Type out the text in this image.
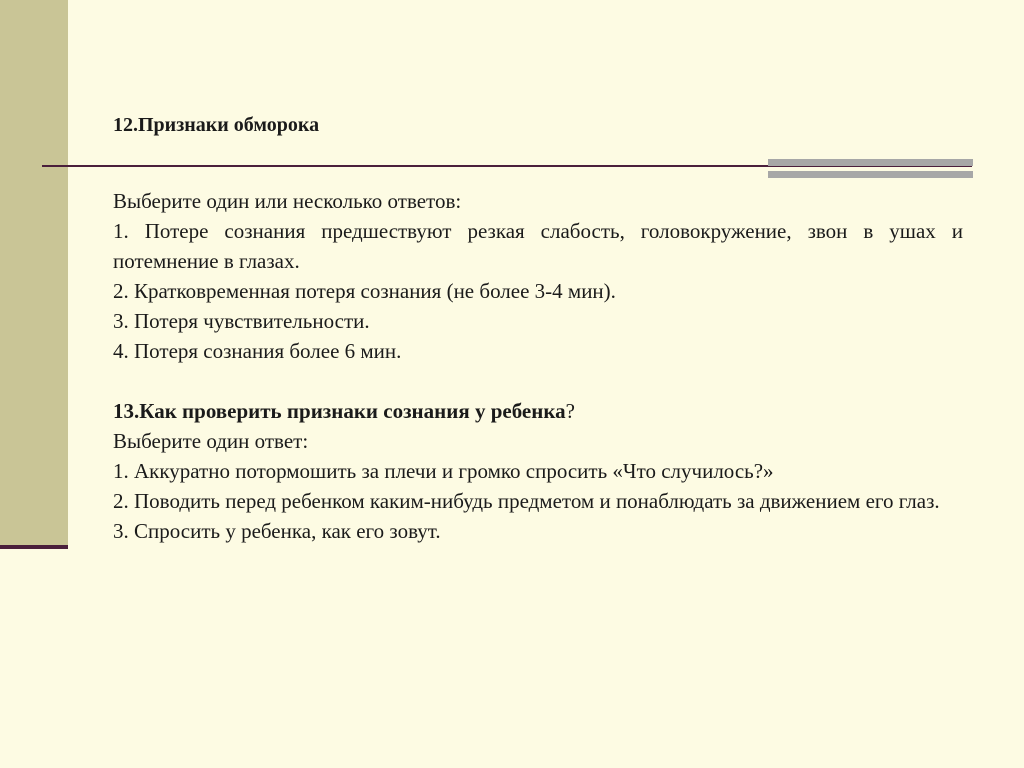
12.Признаки обморока

Выберите один или несколько ответов:

1. Потере сознания предшествуют резкая слабость, головокружение, звон в ушах и потемнение в глазах.

2. Кратковременная потеря сознания (не более 3-4 мин).

3. Потеря чувствительности.

4. Потеря сознания более 6 мин.

13.Как проверить признаки сознания у ребенка?

Выберите один ответ:

1. Аккуратно потормошить за плечи и громко спросить «Что случилось?»

2. Поводить перед ребенком каким-нибудь предметом и понаблюдать за движением его глаз.

3. Спросить у ребенка, как его зовут.
